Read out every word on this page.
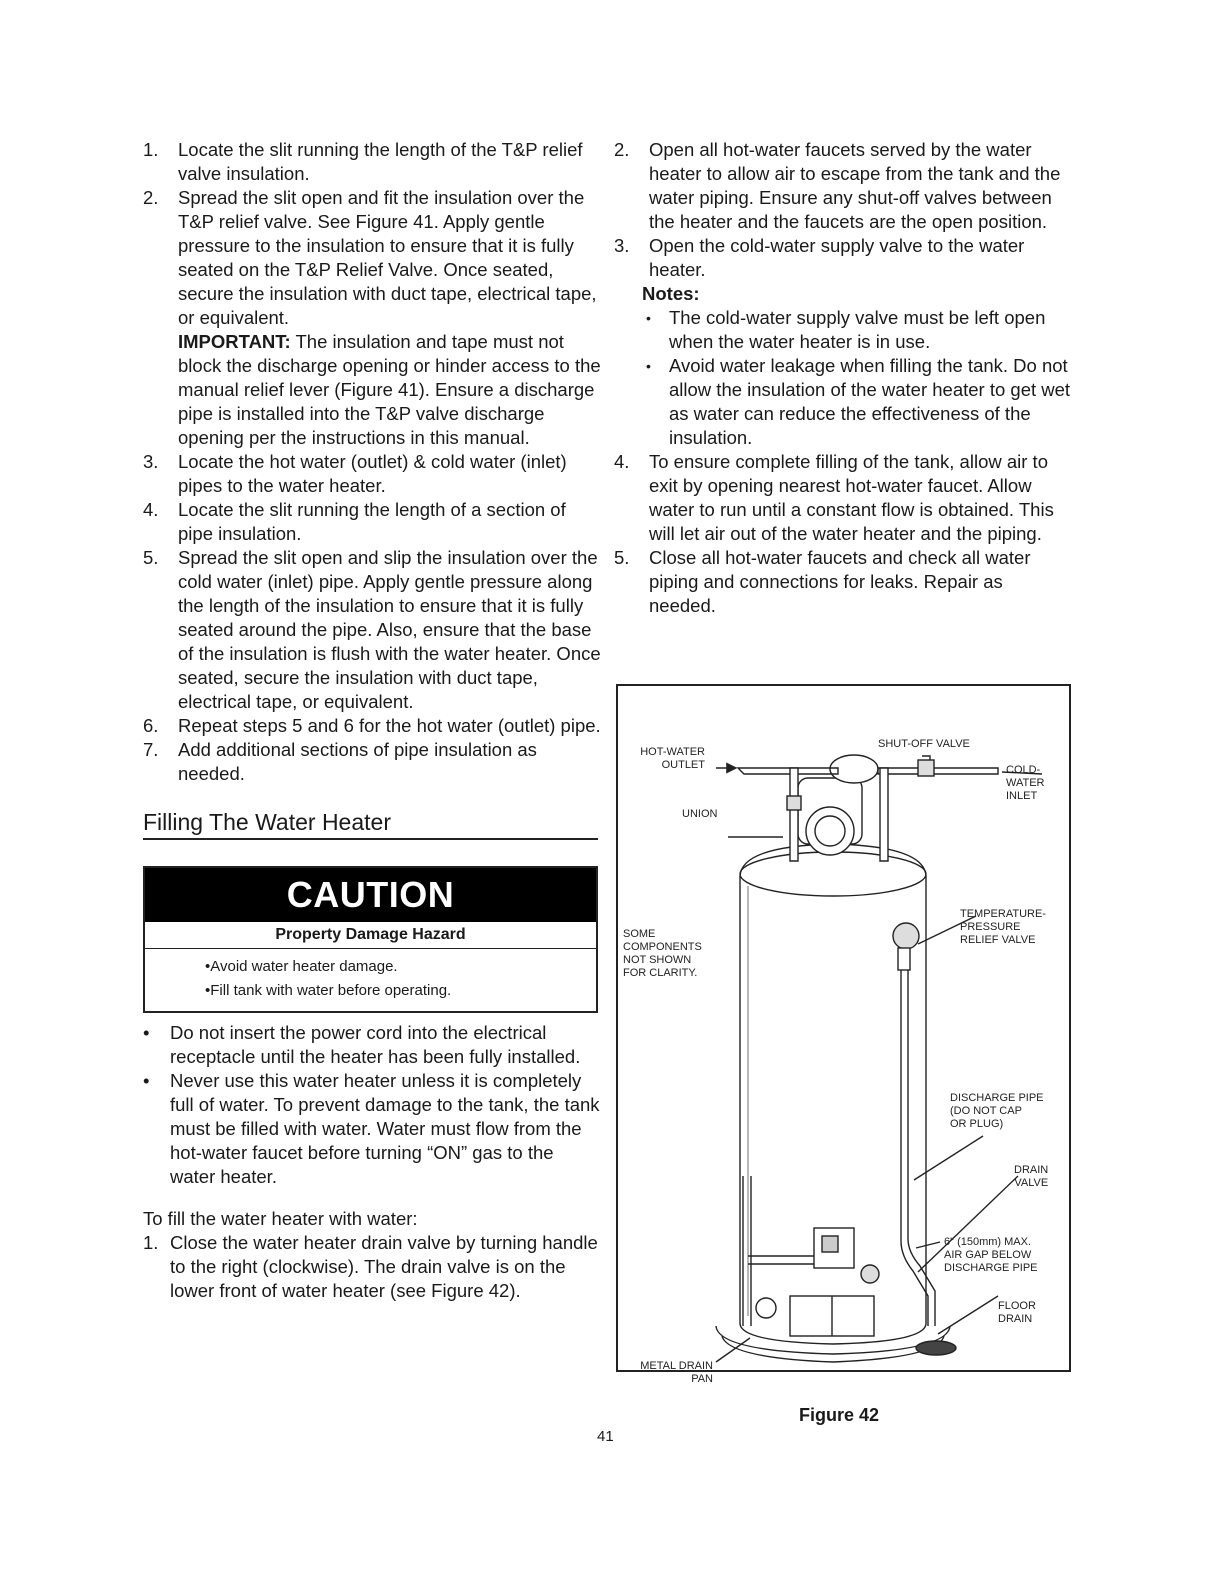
1. Locate the slit running the length of the T&P relief valve insulation.
2. Spread the slit open and fit the insulation over the T&P relief valve. See Figure 41. Apply gentle pressure to the insulation to ensure that it is fully seated on the T&P Relief Valve. Once seated, secure the insulation with duct tape, electrical tape, or equivalent.
IMPORTANT: The insulation and tape must not block the discharge opening or hinder access to the manual relief lever (Figure 41). Ensure a discharge pipe is installed into the T&P valve discharge opening per the instructions in this manual.
3. Locate the hot water (outlet) & cold water (inlet) pipes to the water heater.
4. Locate the slit running the length of a section of pipe insulation.
5. Spread the slit open and slip the insulation over the cold water (inlet) pipe. Apply gentle pressure along the length of the insulation to ensure that it is fully seated around the pipe. Also, ensure that the base of the insulation is flush with the water heater. Once seated, secure the insulation with duct tape, electrical tape, or equivalent.
6. Repeat steps 5 and 6 for the hot water (outlet) pipe.
7. Add additional sections of pipe insulation as needed.
Filling The Water Heater
CAUTION
Property Damage Hazard
• Avoid water heater damage.
• Fill tank with water before operating.
• Do not insert the power cord into the electrical receptacle until the heater has been fully installed.
• Never use this water heater unless it is completely full of water. To prevent damage to the tank, the tank must be filled with water. Water must flow from the hot-water faucet before turning “ON” gas to the water heater.

To fill the water heater with water:

1. Close the water heater drain valve by turning handle to the right (clockwise). The drain valve is on the lower front of water heater (see Figure 42).
2. Open all hot-water faucets served by the water heater to allow air to escape from the tank and the water piping. Ensure any shut-off valves between the heater and the faucets are the open position.
3. Open the cold-water supply valve to the water heater.
Notes:
• The cold-water supply valve must be left open when the water heater is in use.
• Avoid water leakage when filling the tank. Do not allow the insulation of the water heater to get wet as water can reduce the effectiveness of the insulation.
4. To ensure complete filling of the tank, allow air to exit by opening nearest hot-water faucet. Allow water to run until a constant flow is obtained. This will let air out of the water heater and the piping.
5. Close all hot-water faucets and check all water piping and connections for leaks. Repair as needed.
HOT-WATER
OUTLET
SHUT-OFF VALVE
COLD-
WATER
INLET
UNION
TEMPERATURE-
PRESSURE
RELIEF VALVE
SOME
COMPONENTS
NOT SHOWN
FOR CLARITY.
DISCHARGE PIPE
(DO NOT CAP
OR PLUG)
DRAIN
VALVE
6" (150mm) MAX.
AIR GAP BELOW
DISCHARGE PIPE
FLOOR
DRAIN
METAL DRAIN
PAN
Figure 42
41
